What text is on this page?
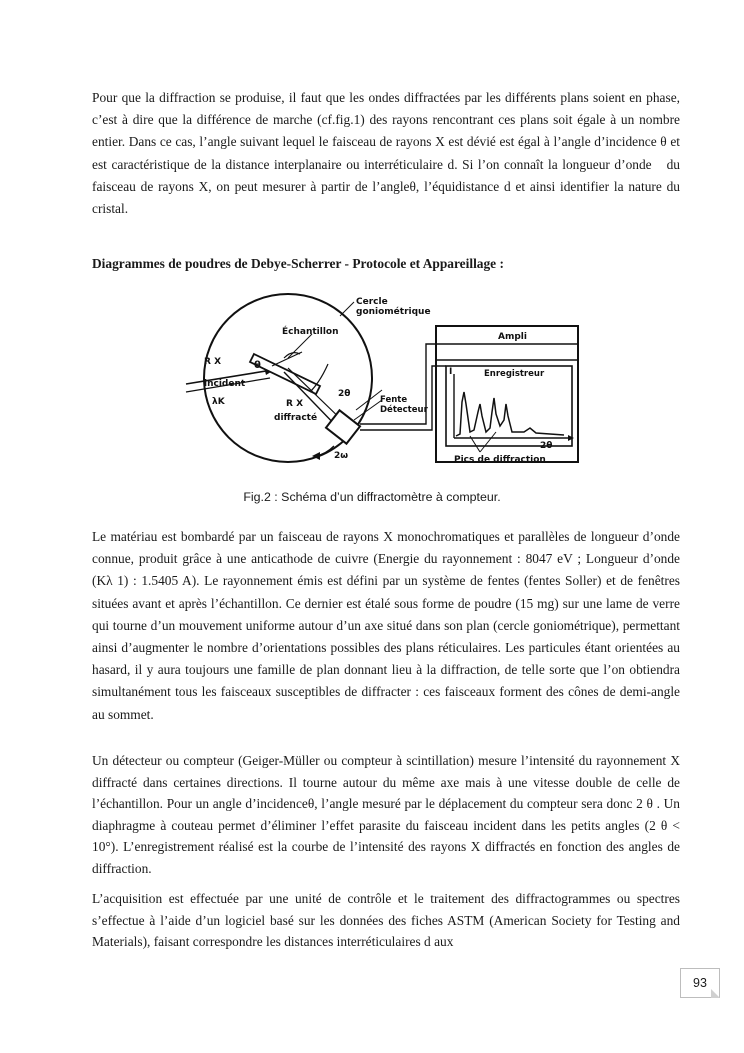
Pour que la diffraction se produise, il faut que les ondes diffractées par les différents plans soient en phase, c’est à dire que la différence de marche (cf.fig.1) des rayons rencontrant ces plans soit égale à un nombre entier. Dans ce cas, l’angle suivant lequel le faisceau de rayons X est dévié est égal à l’angle d’incidence θ et est caractéristique de la distance interplanaire ou interréticulaire d. Si l’on connaît la longueur d’onde  du faisceau de rayons X, on peut mesurer à partir de l’angleθ, l’équidistance d et ainsi identifier la nature du cristal.
Diagrammes de poudres de Debye-Scherrer - Protocole et Appareillage :
Cercle
goniométrique
Échantillon
θ
2θ
R X
incident
λK	R X
diffracté
Fente
Détecteur
2ω
Ampli
Enregistreur
I
2θ
Pics de diffraction
Fig.2 : Schéma d’un diffractomètre à compteur.
Le matériau est bombardé par un faisceau de rayons X monochromatiques et parallèles de longueur d’onde connue, produit grâce à une anticathode de cuivre (Energie du rayonnement : 8047 eV ; Longueur d’onde (Kλ 1) : 1.5405 A). Le rayonnement émis est défini par un système de fentes (fentes Soller) et de fenêtres situées avant et après l’échantillon. Ce dernier est étalé sous forme de poudre (15 mg) sur une lame de verre qui tourne d’un mouvement uniforme autour d’un axe situé dans son plan (cercle goniométrique), permettant ainsi d’augmenter le nombre d’orientations possibles des plans réticulaires. Les particules étant orientées au hasard, il y aura toujours une famille de plan donnant lieu à la diffraction, de telle sorte que l’on obtiendra simultanément tous les faisceaux susceptibles de diffracter : ces faisceaux forment des cônes de demi-angle au sommet.
Un détecteur ou compteur (Geiger-Müller ou compteur à scintillation) mesure l’intensité du rayonnement X diffracté dans certaines directions. Il tourne autour du même axe mais à une vitesse double de celle de l’échantillon. Pour un angle d’incidenceθ, l’angle mesuré par le déplacement du compteur sera donc 2 θ . Un diaphragme à couteau permet d’éliminer l’effet parasite du faisceau incident dans les petits angles (2 θ < 10°). L’enregistrement réalisé est la courbe de l’intensité des rayons X diffractés en fonction des angles de diffraction.
L’acquisition est effectuée par une unité de contrôle et le traitement des diffractogrammes ou spectres s’effectue à l’aide d’un logiciel basé sur les données des fiches ASTM (American Society for Testing and Materials), faisant correspondre les distances interréticulaires d aux
93
